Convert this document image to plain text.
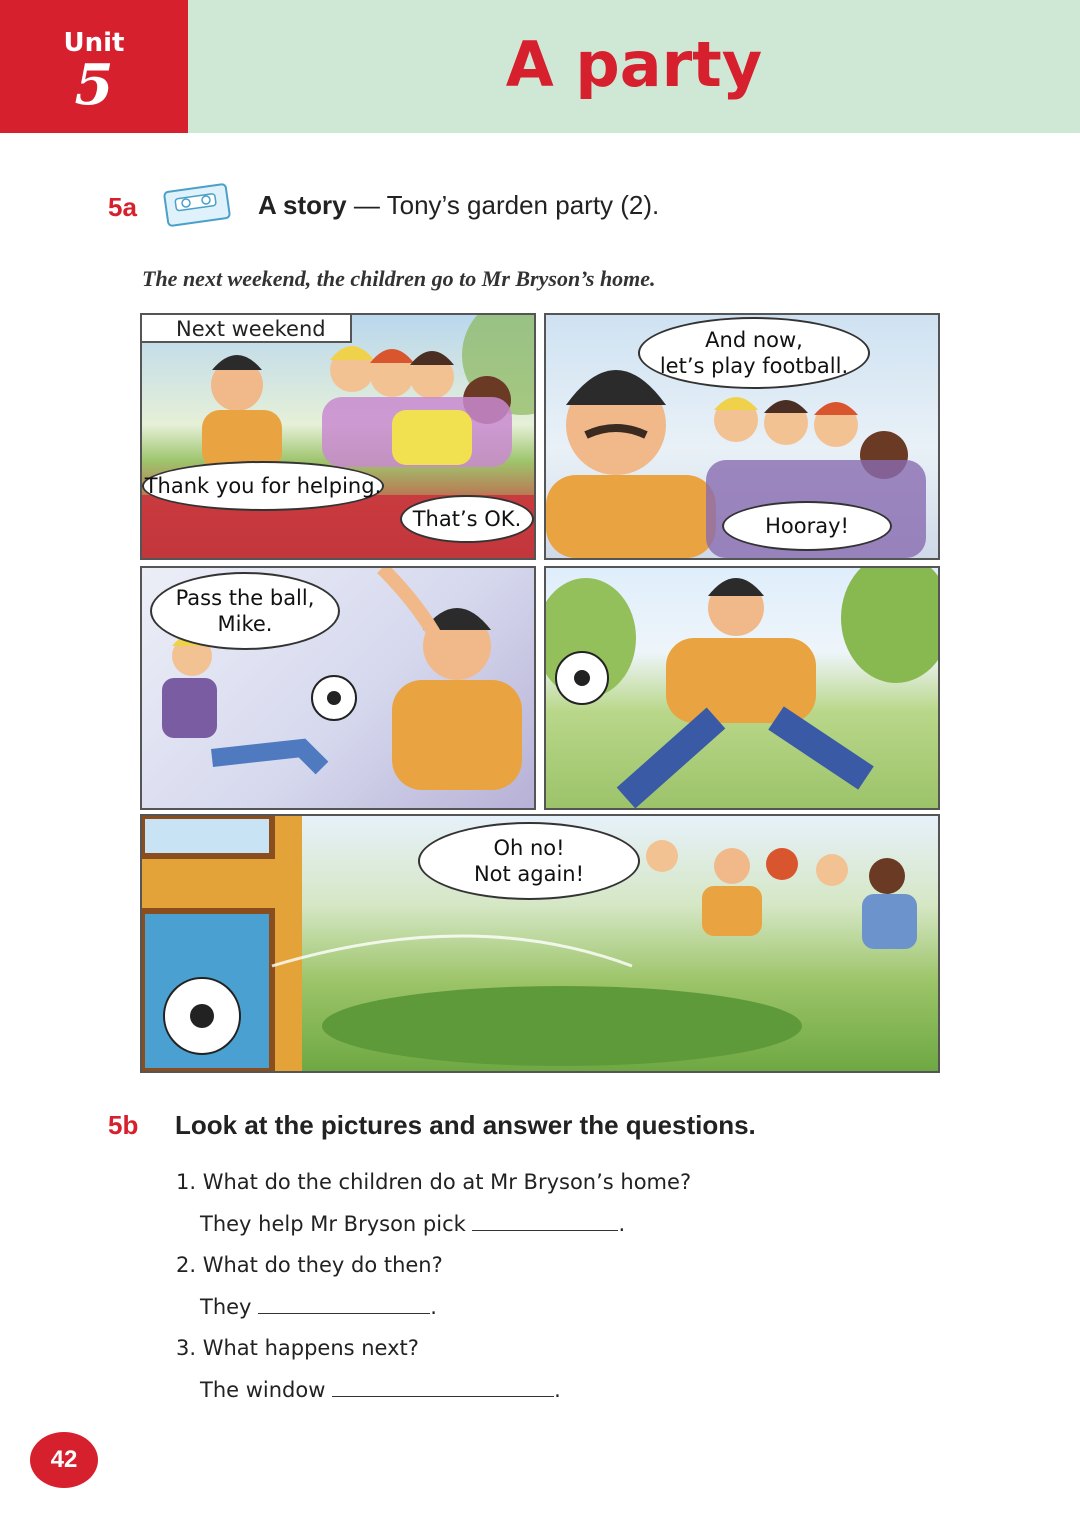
Unit
5	A party
5a	A story — Tony’s garden party (2).
The next weekend, the children go to Mr Bryson’s home.
Next weekend
Thank you for helping.
That’s OK.
And now,
let’s play football.
Hooray!
Pass the ball,
Mike.
Oh no!
Not again!
5b Look at the pictures and answer the questions.
1. What do the children do at Mr Bryson’s home?
They help Mr Bryson pick	.
2. What do they do then?
They	.
3. What happens next?
The window	.
42
